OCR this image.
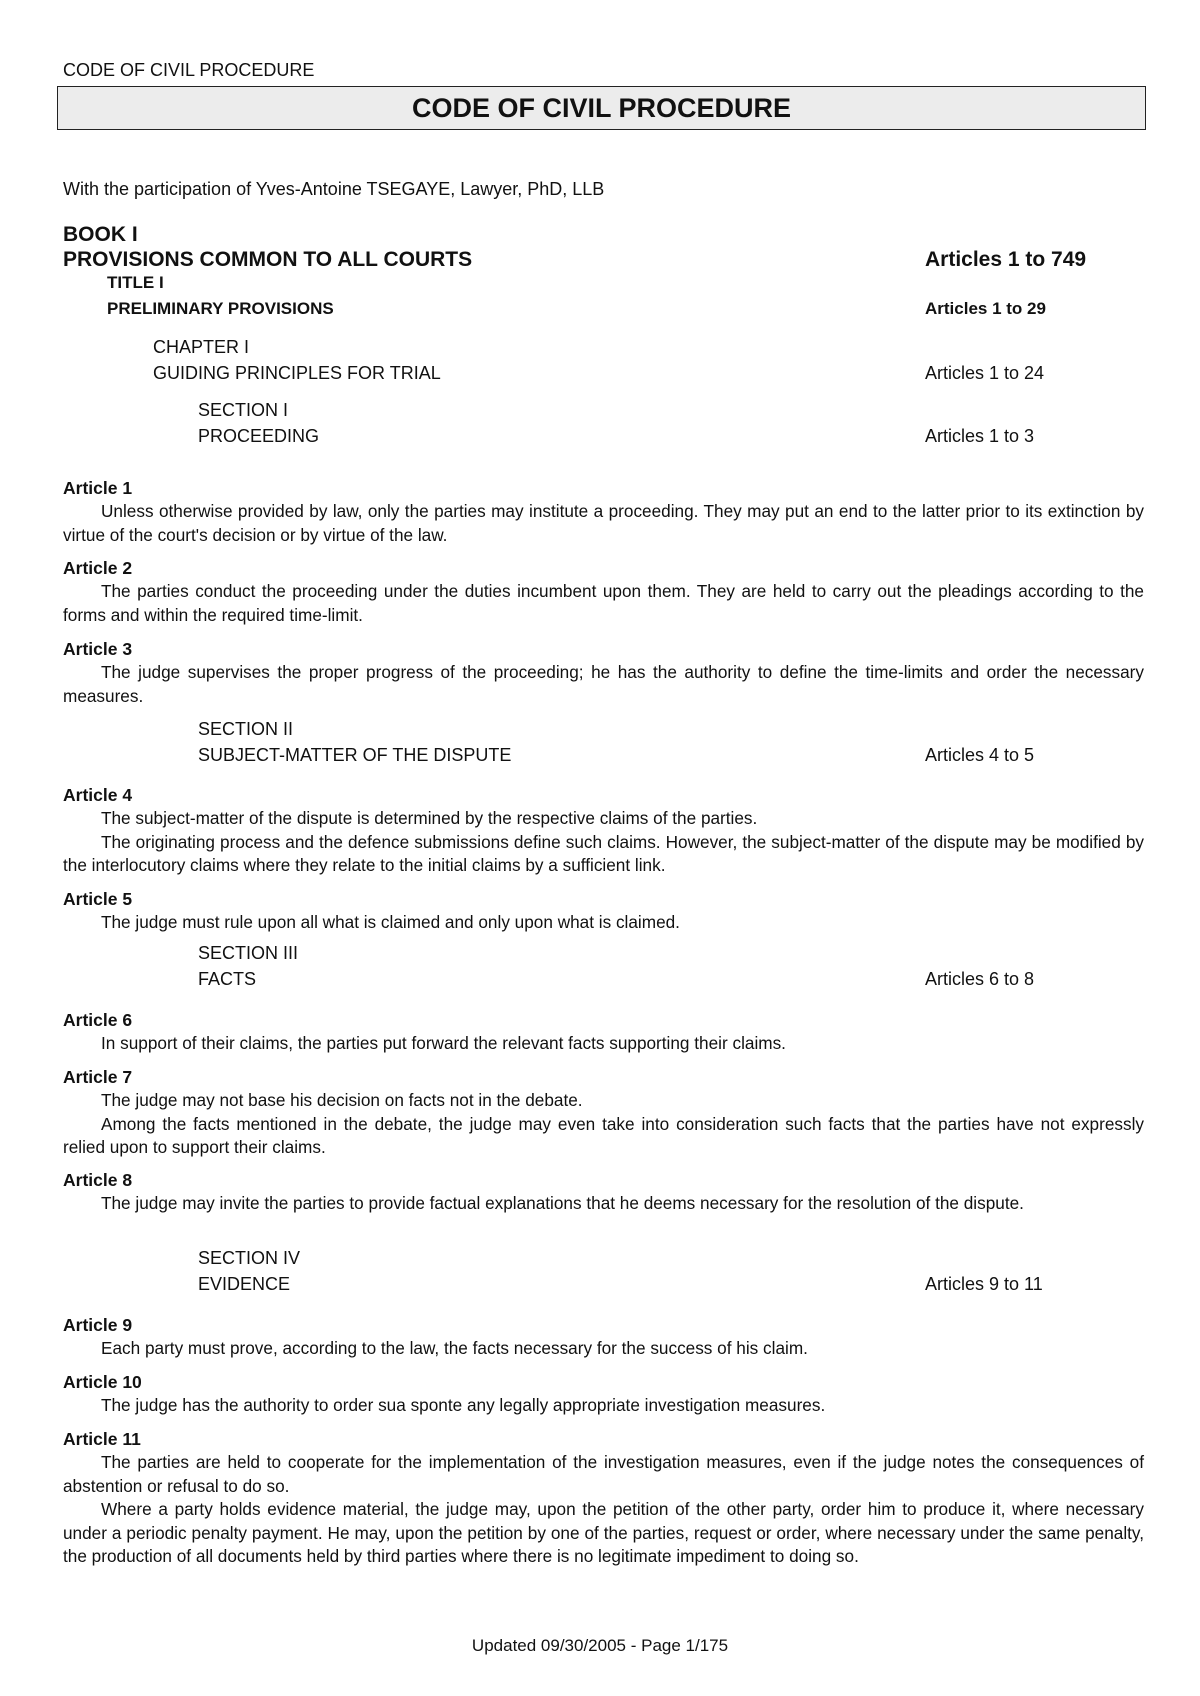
CODE OF CIVIL PROCEDURE
CODE OF CIVIL PROCEDURE
With the participation of Yves-Antoine TSEGAYE, Lawyer, PhD, LLB
BOOK I
PROVISIONS COMMON TO ALL COURTS	Articles 1 to 749
TITLE I
PRELIMINARY PROVISIONS	Articles 1 to 29
CHAPTER I
GUIDING PRINCIPLES FOR TRIAL	Articles 1 to 24
SECTION I
PROCEEDING	Articles 1 to 3
Article 1

Unless otherwise provided by law, only the parties may institute a proceeding. They may put an end to the latter prior to its extinction by virtue of the court's decision or by virtue of the law.

Article 2

The parties conduct the proceeding under the duties incumbent upon them. They are held to carry out the pleadings according to the forms and within the required time-limit.

Article 3

The judge supervises the proper progress of the proceeding; he has the authority to define the time-limits and order the necessary measures.

SECTION II
SUBJECT-MATTER OF THE DISPUTE	Articles 4 to 5
Article 4

The subject-matter of the dispute is determined by the respective claims of the parties.

The originating process and the defence submissions define such claims. However, the subject-matter of the dispute may be modified by the interlocutory claims where they relate to the initial claims by a sufficient link.

Article 5

The judge must rule upon all what is claimed and only upon what is claimed.

SECTION III
FACTS	Articles 6 to 8
Article 6

In support of their claims, the parties put forward the relevant facts supporting their claims.

Article 7

The judge may not base his decision on facts not in the debate.

Among the facts mentioned in the debate, the judge may even take into consideration such facts that the parties have not expressly relied upon to support their claims.

Article 8

The judge may invite the parties to provide factual explanations that he deems necessary for the resolution of the dispute.

SECTION IV
EVIDENCE	Articles 9 to 11
Article 9

Each party must prove, according to the law, the facts necessary for the success of his claim.

Article 10

The judge has the authority to order sua sponte any legally appropriate investigation measures.

Article 11

The parties are held to cooperate for the implementation of the investigation measures, even if the judge notes the consequences of abstention or refusal to do so.

Where a party holds evidence material, the judge may, upon the petition of the other party, order him to produce it, where necessary under a periodic penalty payment. He may, upon the petition by one of the parties, request or order, where necessary under the same penalty, the production of all documents held by third parties where there is no legitimate impediment to doing so.

Updated 09/30/2005 - Page 1/175
